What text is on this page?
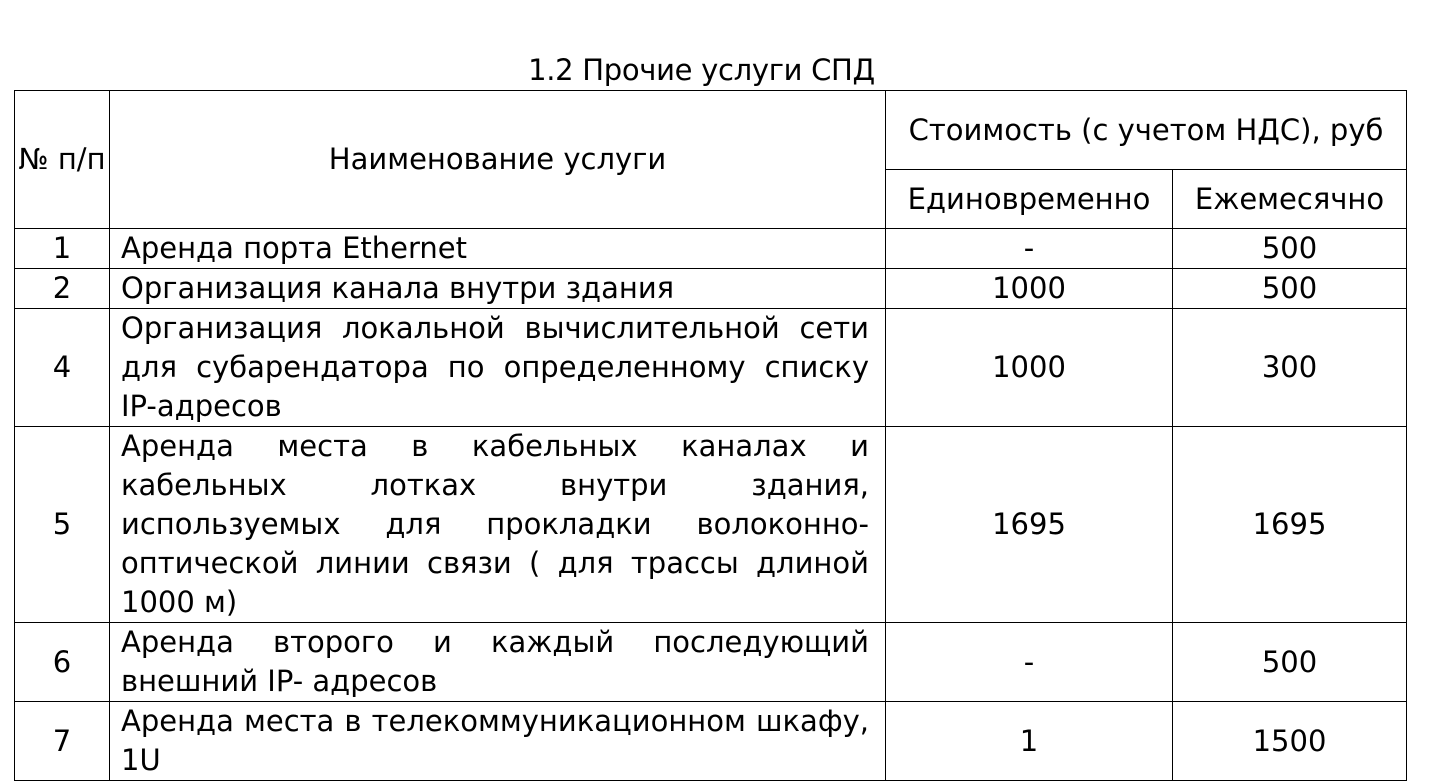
1.2 Прочие услуги СПД
№ п/п	Наименование услуги	Стоимость (с учетом НДС), руб	
		Единовременно	Ежемесячно
1	Аренда порта Ethernet	-	500
2	Организация канала внутри здания	1000	500
4	Организация локальной вычислительной сети для субарендатора по определенному списку IP-адресов	1000	300
5	Аренда места в кабельных каналах и кабельных лотках внутри здания, используемых для прокладки волоконно-оптической линии связи ( для трассы длиной 1000 м)	1695	1695
6	Аренда второго и каждый последующий внешний IP- адресов	-	500
7	Аренда места в телекоммуникационном шкафу, 1U	1	1500
